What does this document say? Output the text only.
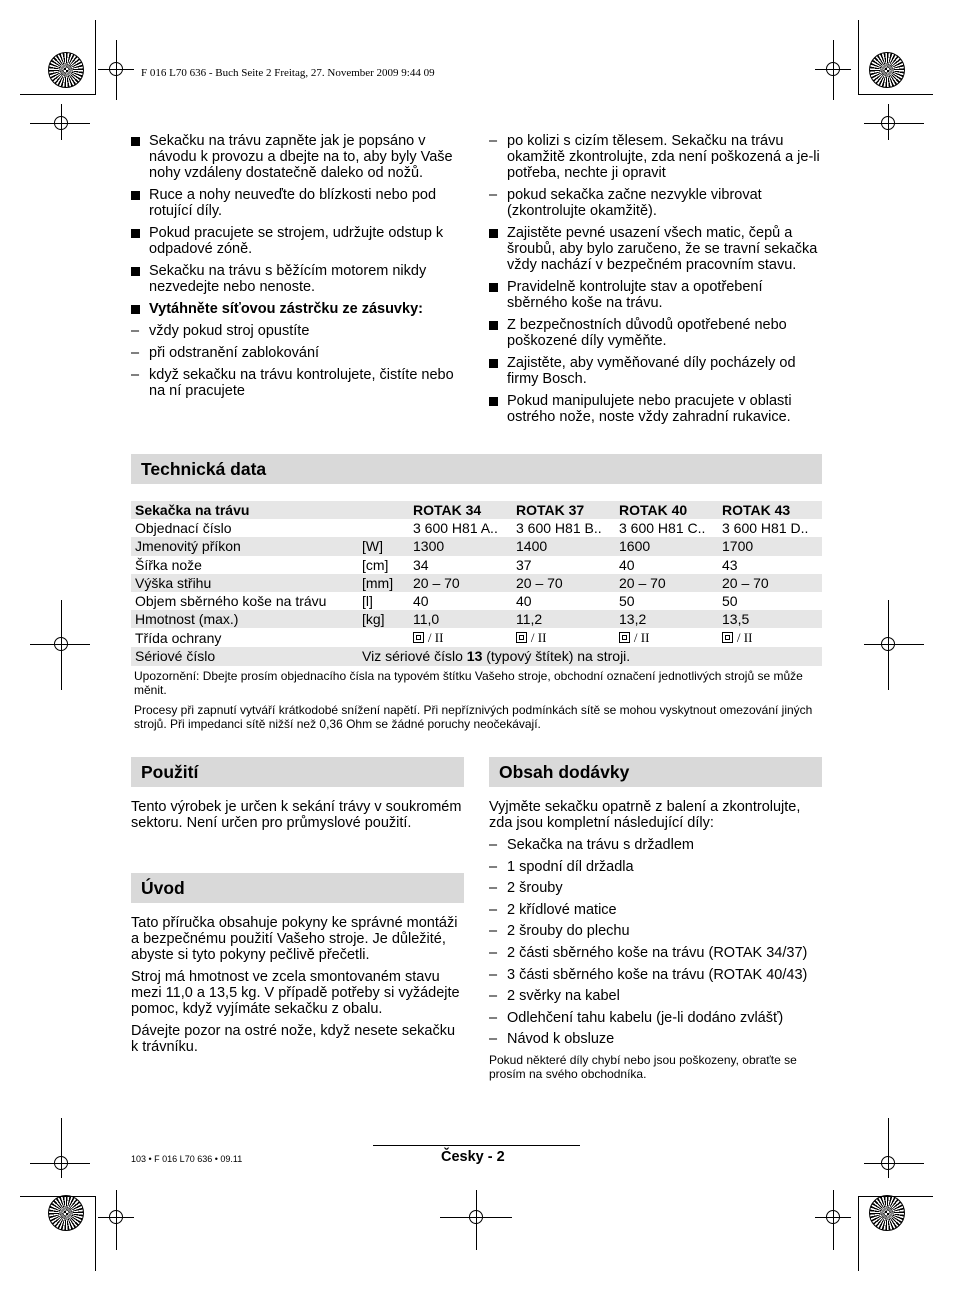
F 016 L70 636 - Buch Seite 2 Freitag, 27. November 2009 9:44 09
Sekačku na trávu zapněte jak je popsáno v návodu k provozu a dbejte na to, aby byly Vaše nohy vzdáleny dostatečně daleko od nožů.
Ruce a nohy neuveďte do blízkosti nebo pod rotující díly.
Pokud pracujete se strojem, udržujte odstup k odpadové zóně.
Sekačku na trávu s běžícím motorem nikdy nezvedejte nebo nenoste.
Vytáhněte síťovou zástrčku ze zásuvky:
– vždy pokud stroj opustíte
– při odstranění zablokování
– když sekačku na trávu kontrolujete, čistíte nebo na ní pracujete
– po kolizi s cizím tělesem. Sekačku na trávu okamžitě zkontrolujte, zda není poškozená a je-li potřeba, nechte ji opravit
– pokud sekačka začne nezvykle vibrovat (zkontrolujte okamžitě).
Zajistěte pevné usazení všech matic, čepů a šroubů, aby bylo zaručeno, že se travní sekačka vždy nachází v bezpečném pracovním stavu.
Pravidelně kontrolujte stav a opotřebení sběrného koše na trávu.
Z bezpečnostních důvodů opotřebené nebo poškozené díly vyměňte.
Zajistěte, aby vyměňované díly pocházely od firmy Bosch.
Pokud manipulujete nebo pracujete v oblasti ostrého nože, noste vždy zahradní rukavice.
Technická data
Sekačka na trávu		ROTAK 34	ROTAK 37	ROTAK 40	ROTAK 43
Objednací číslo		3 600 H81 A..	3 600 H81 B..	3 600 H81 C..	3 600 H81 D..
Jmenovitý příkon	[W]	1300	1400	1600	1700
Šířka nože	[cm]	34	37	40	43
Výška střihu	[mm]	20 – 70	20 – 70	20 – 70	20 – 70
Objem sběrného koše na trávu	[l]	40	40	50	50
Hmotnost (max.)	[kg]	11,0	11,2	13,2	13,5
Třída ochrany		/ II	/ II	/ II	/ II
Sériové číslo	Viz sériové číslo 13 (typový štítek) na stroji.				
Upozornění: Dbejte prosím objednacího čísla na typovém štítku Vašeho stroje, obchodní označení jednotlivých strojů se může měnit.
Procesy při zapnutí vytváří krátkodobé snížení napětí. Při nepříznivých podmínkách sítě se mohou vyskytnout omezování jiných strojů. Při impedanci sítě nižší než 0,36 Ohm se žádné poruchy neočekávají.
Použití

Tento výrobek je určen k sekání trávy v soukromém sektoru. Není určen pro průmyslové použití.

Úvod

Tato příručka obsahuje pokyny ke správné montáži a bezpečnému použití Vašeho stroje. Je důležité, abyste si tyto pokyny pečlivě přečetli.

Stroj má hmotnost ve zcela smontovaném stavu mezi 11,0 a 13,5 kg. V případě potřeby si vyžádejte pomoc, když vyjímáte sekačku z obalu.

Dávejte pozor na ostré nože, když nesete sekačku k trávníku.

Obsah dodávky

Vyjměte sekačku opatrně z balení a zkontrolujte, zda jsou kompletní následující díly:

– Sekačka na trávu s držadlem
– 1 spodní díl držadla
– 2 šrouby
– 2 křídlové matice
– 2 šrouby do plechu
– 2 části sběrného koše na trávu (ROTAK 34/37)
– 3 části sběrného koše na trávu (ROTAK 40/43)
– 2 svěrky na kabel
– Odlehčení tahu kabelu (je-li dodáno zvlášť)
– Návod k obsluze

Pokud některé díly chybí nebo jsou poškozeny, obraťte se prosím na svého obchodníka.

103 • F 016 L70 636 • 09.11	Česky - 2
